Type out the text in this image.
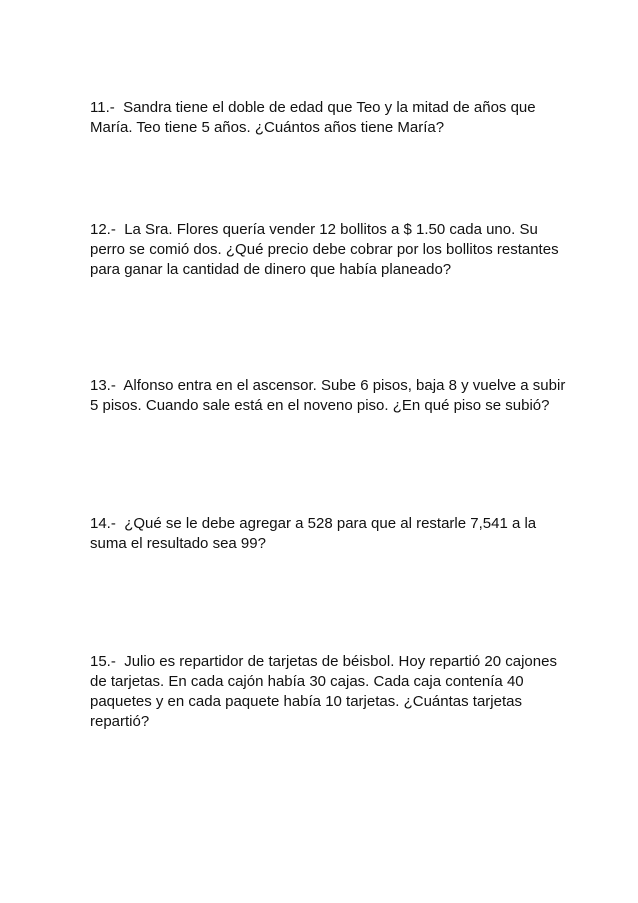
11.- Sandra tiene el doble de edad que Teo y la mitad de años que
María. Teo tiene 5 años. ¿Cuántos años tiene María?
12.- La Sra. Flores quería vender 12 bollitos a $ 1.50 cada uno. Su
perro se comió dos. ¿Qué precio debe cobrar por los bollitos restantes
para ganar la cantidad de dinero que había planeado?
13.- Alfonso entra en el ascensor. Sube 6 pisos, baja 8 y vuelve a subir
5 pisos. Cuando sale está en el noveno piso. ¿En qué piso se subió?
14.- ¿Qué se le debe agregar a 528 para que al restarle 7,541 a la
suma el resultado sea 99?
15.- Julio es repartidor de tarjetas de béisbol. Hoy repartió 20 cajones
de tarjetas. En cada cajón había 30 cajas. Cada caja contenía 40
paquetes y en cada paquete había 10 tarjetas. ¿Cuántas tarjetas
repartió?
